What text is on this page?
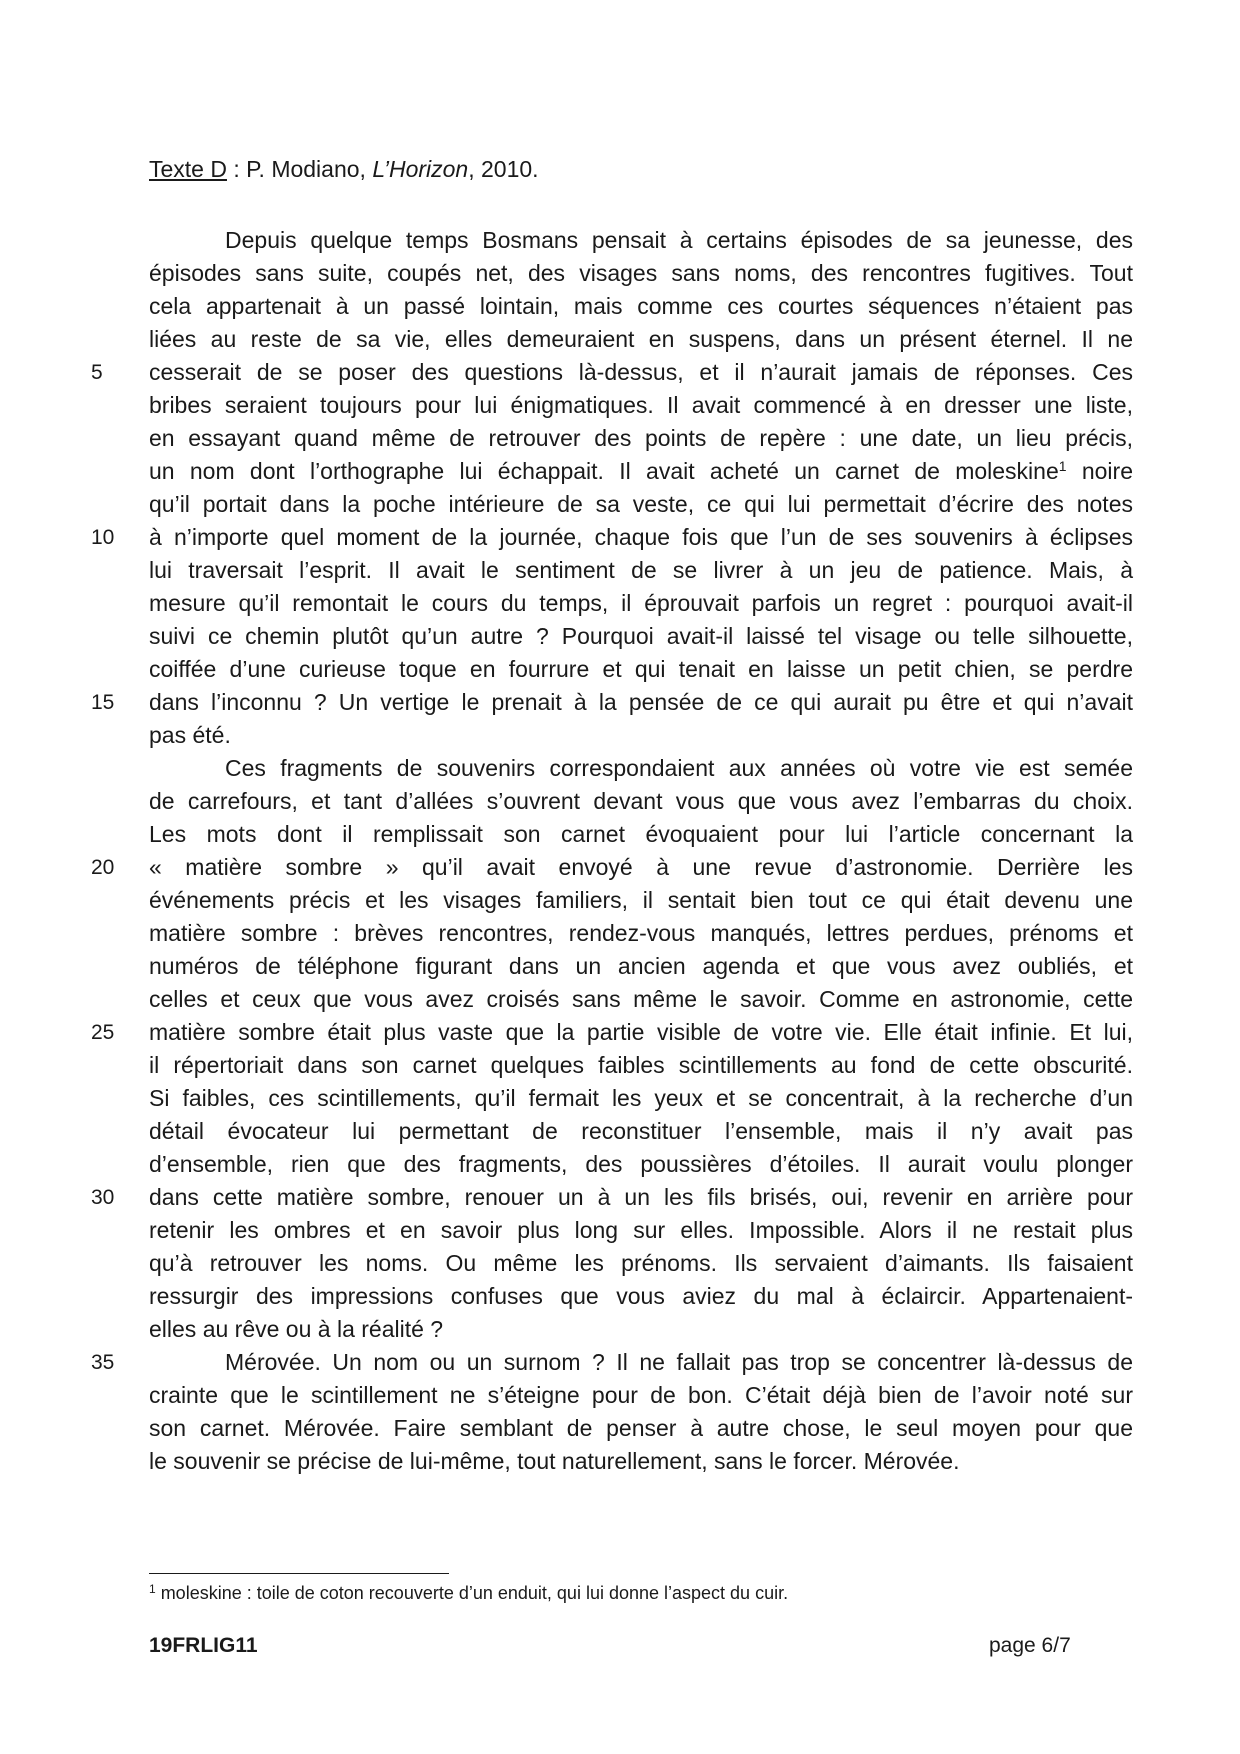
Texte D : P. Modiano, L’Horizon, 2010.
Depuis quelque temps Bosmans pensait à certains épisodes de sa jeunesse, des
épisodes sans suite, coupés net, des visages sans noms, des rencontres fugitives. Tout
cela appartenait à un passé lointain, mais comme ces courtes séquences n’étaient pas
liées au reste de sa vie, elles demeuraient en suspens, dans un présent éternel. Il ne
5	cesserait de se poser des questions là-dessus, et il n’aurait jamais de réponses. Ces
bribes seraient toujours pour lui énigmatiques. Il avait commencé à en dresser une liste,
en essayant quand même de retrouver des points de repère : une date, un lieu précis,
un nom dont l’orthographe lui échappait. Il avait acheté un carnet de moleskine$^1$ noire
qu’il portait dans la poche intérieure de sa veste, ce qui lui permettait d’écrire des notes
10	à n’importe quel moment de la journée, chaque fois que l’un de ses souvenirs à éclipses
lui traversait l’esprit. Il avait le sentiment de se livrer à un jeu de patience. Mais, à
mesure qu’il remontait le cours du temps, il éprouvait parfois un regret : pourquoi avait-il
suivi ce chemin plutôt qu’un autre ? Pourquoi avait-il laissé tel visage ou telle silhouette,
coiffée d’une curieuse toque en fourrure et qui tenait en laisse un petit chien, se perdre
15	dans l’inconnu ? Un vertige le prenait à la pensée de ce qui aurait pu être et qui n’avait
pas été.
Ces fragments de souvenirs correspondaient aux années où votre vie est semée
de carrefours, et tant d’allées s’ouvrent devant vous que vous avez l’embarras du choix.
Les mots dont il remplissait son carnet évoquaient pour lui l’article concernant la
20	« matière sombre » qu’il avait envoyé à une revue d’astronomie. Derrière les
événements précis et les visages familiers, il sentait bien tout ce qui était devenu une
matière sombre : brèves rencontres, rendez-vous manqués, lettres perdues, prénoms et
numéros de téléphone figurant dans un ancien agenda et que vous avez oubliés, et
celles et ceux que vous avez croisés sans même le savoir. Comme en astronomie, cette
25	matière sombre était plus vaste que la partie visible de votre vie. Elle était infinie. Et lui,
il répertoriait dans son carnet quelques faibles scintillements au fond de cette obscurité.
Si faibles, ces scintillements, qu’il fermait les yeux et se concentrait, à la recherche d’un
détail évocateur lui permettant de reconstituer l’ensemble, mais il n’y avait pas
d’ensemble, rien que des fragments, des poussières d’étoiles. Il aurait voulu plonger
30	dans cette matière sombre, renouer un à un les fils brisés, oui, revenir en arrière pour
retenir les ombres et en savoir plus long sur elles. Impossible. Alors il ne restait plus
qu’à retrouver les noms. Ou même les prénoms. Ils servaient d’aimants. Ils faisaient
ressurgir des impressions confuses que vous aviez du mal à éclaircir. Appartenaient-
elles au rêve ou à la réalité ?
35	Mérovée. Un nom ou un surnom ? Il ne fallait pas trop se concentrer là-dessus de
crainte que le scintillement ne s’éteigne pour de bon. C’était déjà bien de l’avoir noté sur
son carnet. Mérovée. Faire semblant de penser à autre chose, le seul moyen pour que
le souvenir se précise de lui-même, tout naturellement, sans le forcer. Mérovée.
$^1$ moleskine : toile de coton recouverte d’un enduit, qui lui donne l’aspect du cuir.
19FRLIG11	page 6/7
